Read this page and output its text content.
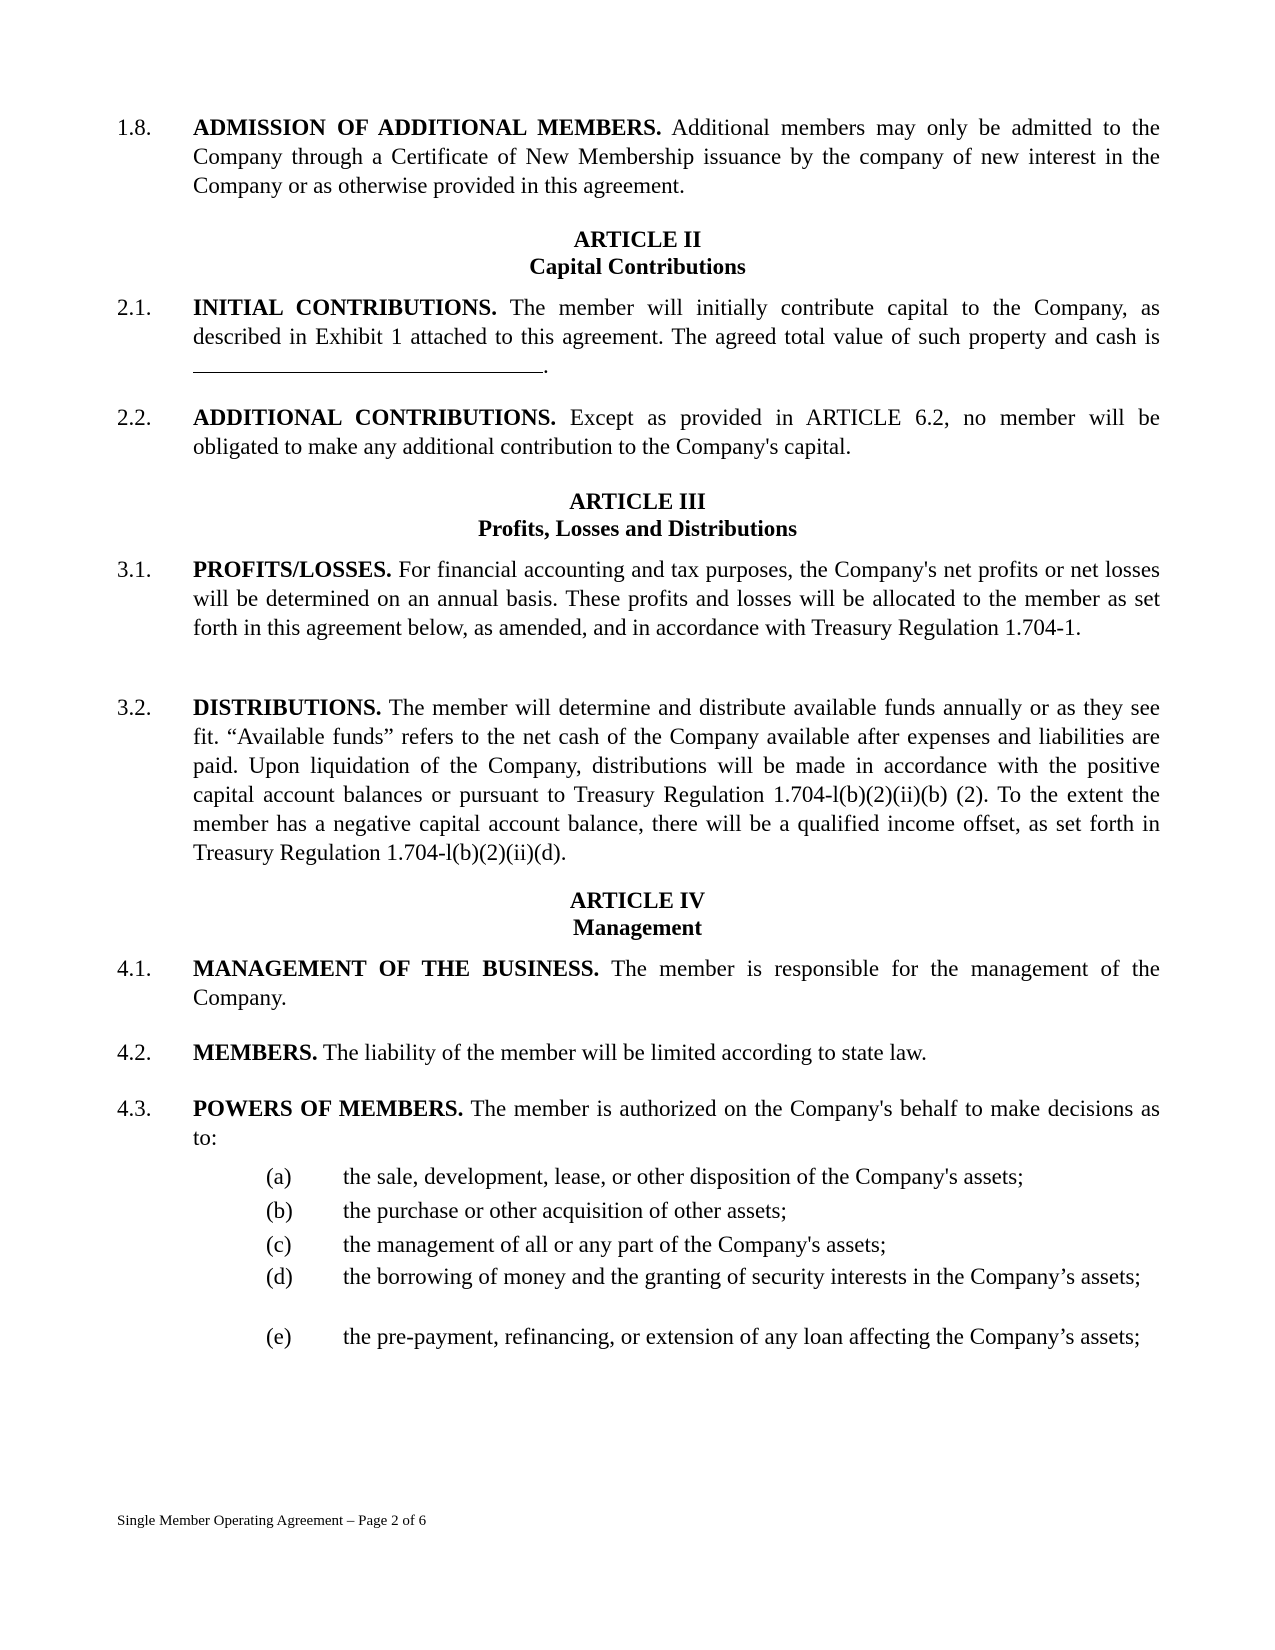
1.8.	ADMISSION OF ADDITIONAL MEMBERS. Additional members may only be admitted to the Company through a Certificate of New Membership issuance by the company of new interest in the Company or as otherwise provided in this agreement.
ARTICLE II
Capital Contributions
2.1.	INITIAL CONTRIBUTIONS. The member will initially contribute capital to the Company, as described in Exhibit 1 attached to this agreement. The agreed total value of such property and cash is.
2.2.	ADDITIONAL CONTRIBUTIONS. Except as provided in ARTICLE 6.2, no member will be obligated to make any additional contribution to the Company's capital.
ARTICLE III
Profits, Losses and Distributions
3.1.	PROFITS/LOSSES. For financial accounting and tax purposes, the Company's net profits or net losses will be determined on an annual basis. These profits and losses will be allocated to the member as set forth in this agreement below, as amended, and in accordance with Treasury Regulation 1.704-1.
3.2.	DISTRIBUTIONS. The member will determine and distribute available funds annually or as they see fit. “Available funds” refers to the net cash of the Company available after expenses and liabilities are paid. Upon liquidation of the Company, distributions will be made in accordance with the positive capital account balances or pursuant to Treasury Regulation 1.704-l(b)(2)(ii)(b) (2). To the extent the member has a negative capital account balance, there will be a qualified income offset, as set forth in Treasury Regulation 1.704-l(b)(2)(ii)(d).
ARTICLE IV
Management
4.1.	MANAGEMENT OF THE BUSINESS. The member is responsible for the management of the Company.
4.2.	MEMBERS. The liability of the member will be limited according to state law.
4.3.	POWERS OF MEMBERS. The member is authorized on the Company's behalf to make decisions as to:
(a)	the sale, development, lease, or other disposition of the Company's assets;
(b)	the purchase or other acquisition of other assets;
(c)	the management of all or any part of the Company's assets;
(d)	the borrowing of money and the granting of security interests in the Company’s assets;
(e)	the pre-payment, refinancing, or extension of any loan affecting the Company’s assets;
Single Member Operating Agreement – Page 2 of 6
